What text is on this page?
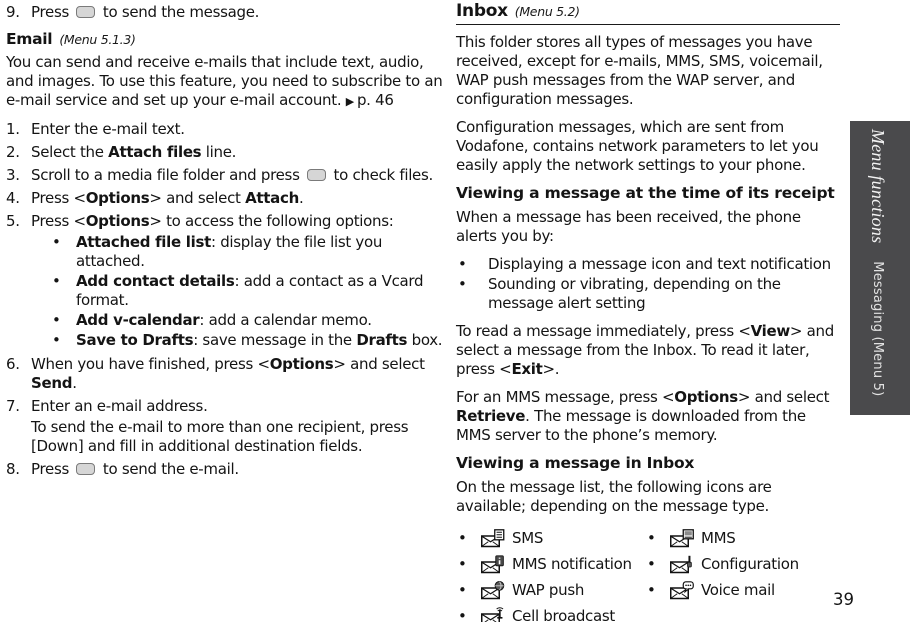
9. Press  to send the message.
Email (Menu 5.1.3)

You can send and receive e-mails that include text, audio, and images. To use this feature, you need to subscribe to an e-mail service and set up your e-mail account. ▶ p. 46

1. Enter the e-mail text.
2. Select the Attach files line.
3. Scroll to a media file folder and press  to check files.
4. Press <Options> and select Attach.
5. Press <Options> to access the following options:
•	Attached file list: display the file list you attached.
•	Add contact details: add a contact as a Vcard format.
•	Add v-calendar: add a calendar memo.
•	Save to Drafts: save message in the Drafts box.
6. When you have finished, press <Options> and select Send.
7. Enter an e-mail address.
To send the e-mail to more than one recipient, press [Down] and fill in additional destination fields.
8. Press  to send the e-mail.
Inbox (Menu 5.2)

This folder stores all types of messages you have received, except for e-mails, MMS, SMS, voicemail, WAP push messages from the WAP server, and configuration messages.

Configuration messages, which are sent from Vodafone, contains network parameters to let you easily apply the network settings to your phone.

Viewing a message at the time of its receipt

When a message has been received, the phone alerts you by:

•	Displaying a message icon and text notification
•	Sounding or vibrating, depending on the message alert setting

To read a message immediately, press <View> and select a message from the Inbox. To read it later, press <Exit>.

For an MMS message, press <Options> and select Retrieve. The message is downloaded from the MMS server to the phone’s memory.

Viewing a message in Inbox

On the message list, the following icons are available; depending on the message type.

•	SMS
•	MMS notification
•	WAP push
•	Cell broadcast
•	MMS
•	Configuration
•	Voice mail
Menu functions
Messaging (Menu 5)
39
